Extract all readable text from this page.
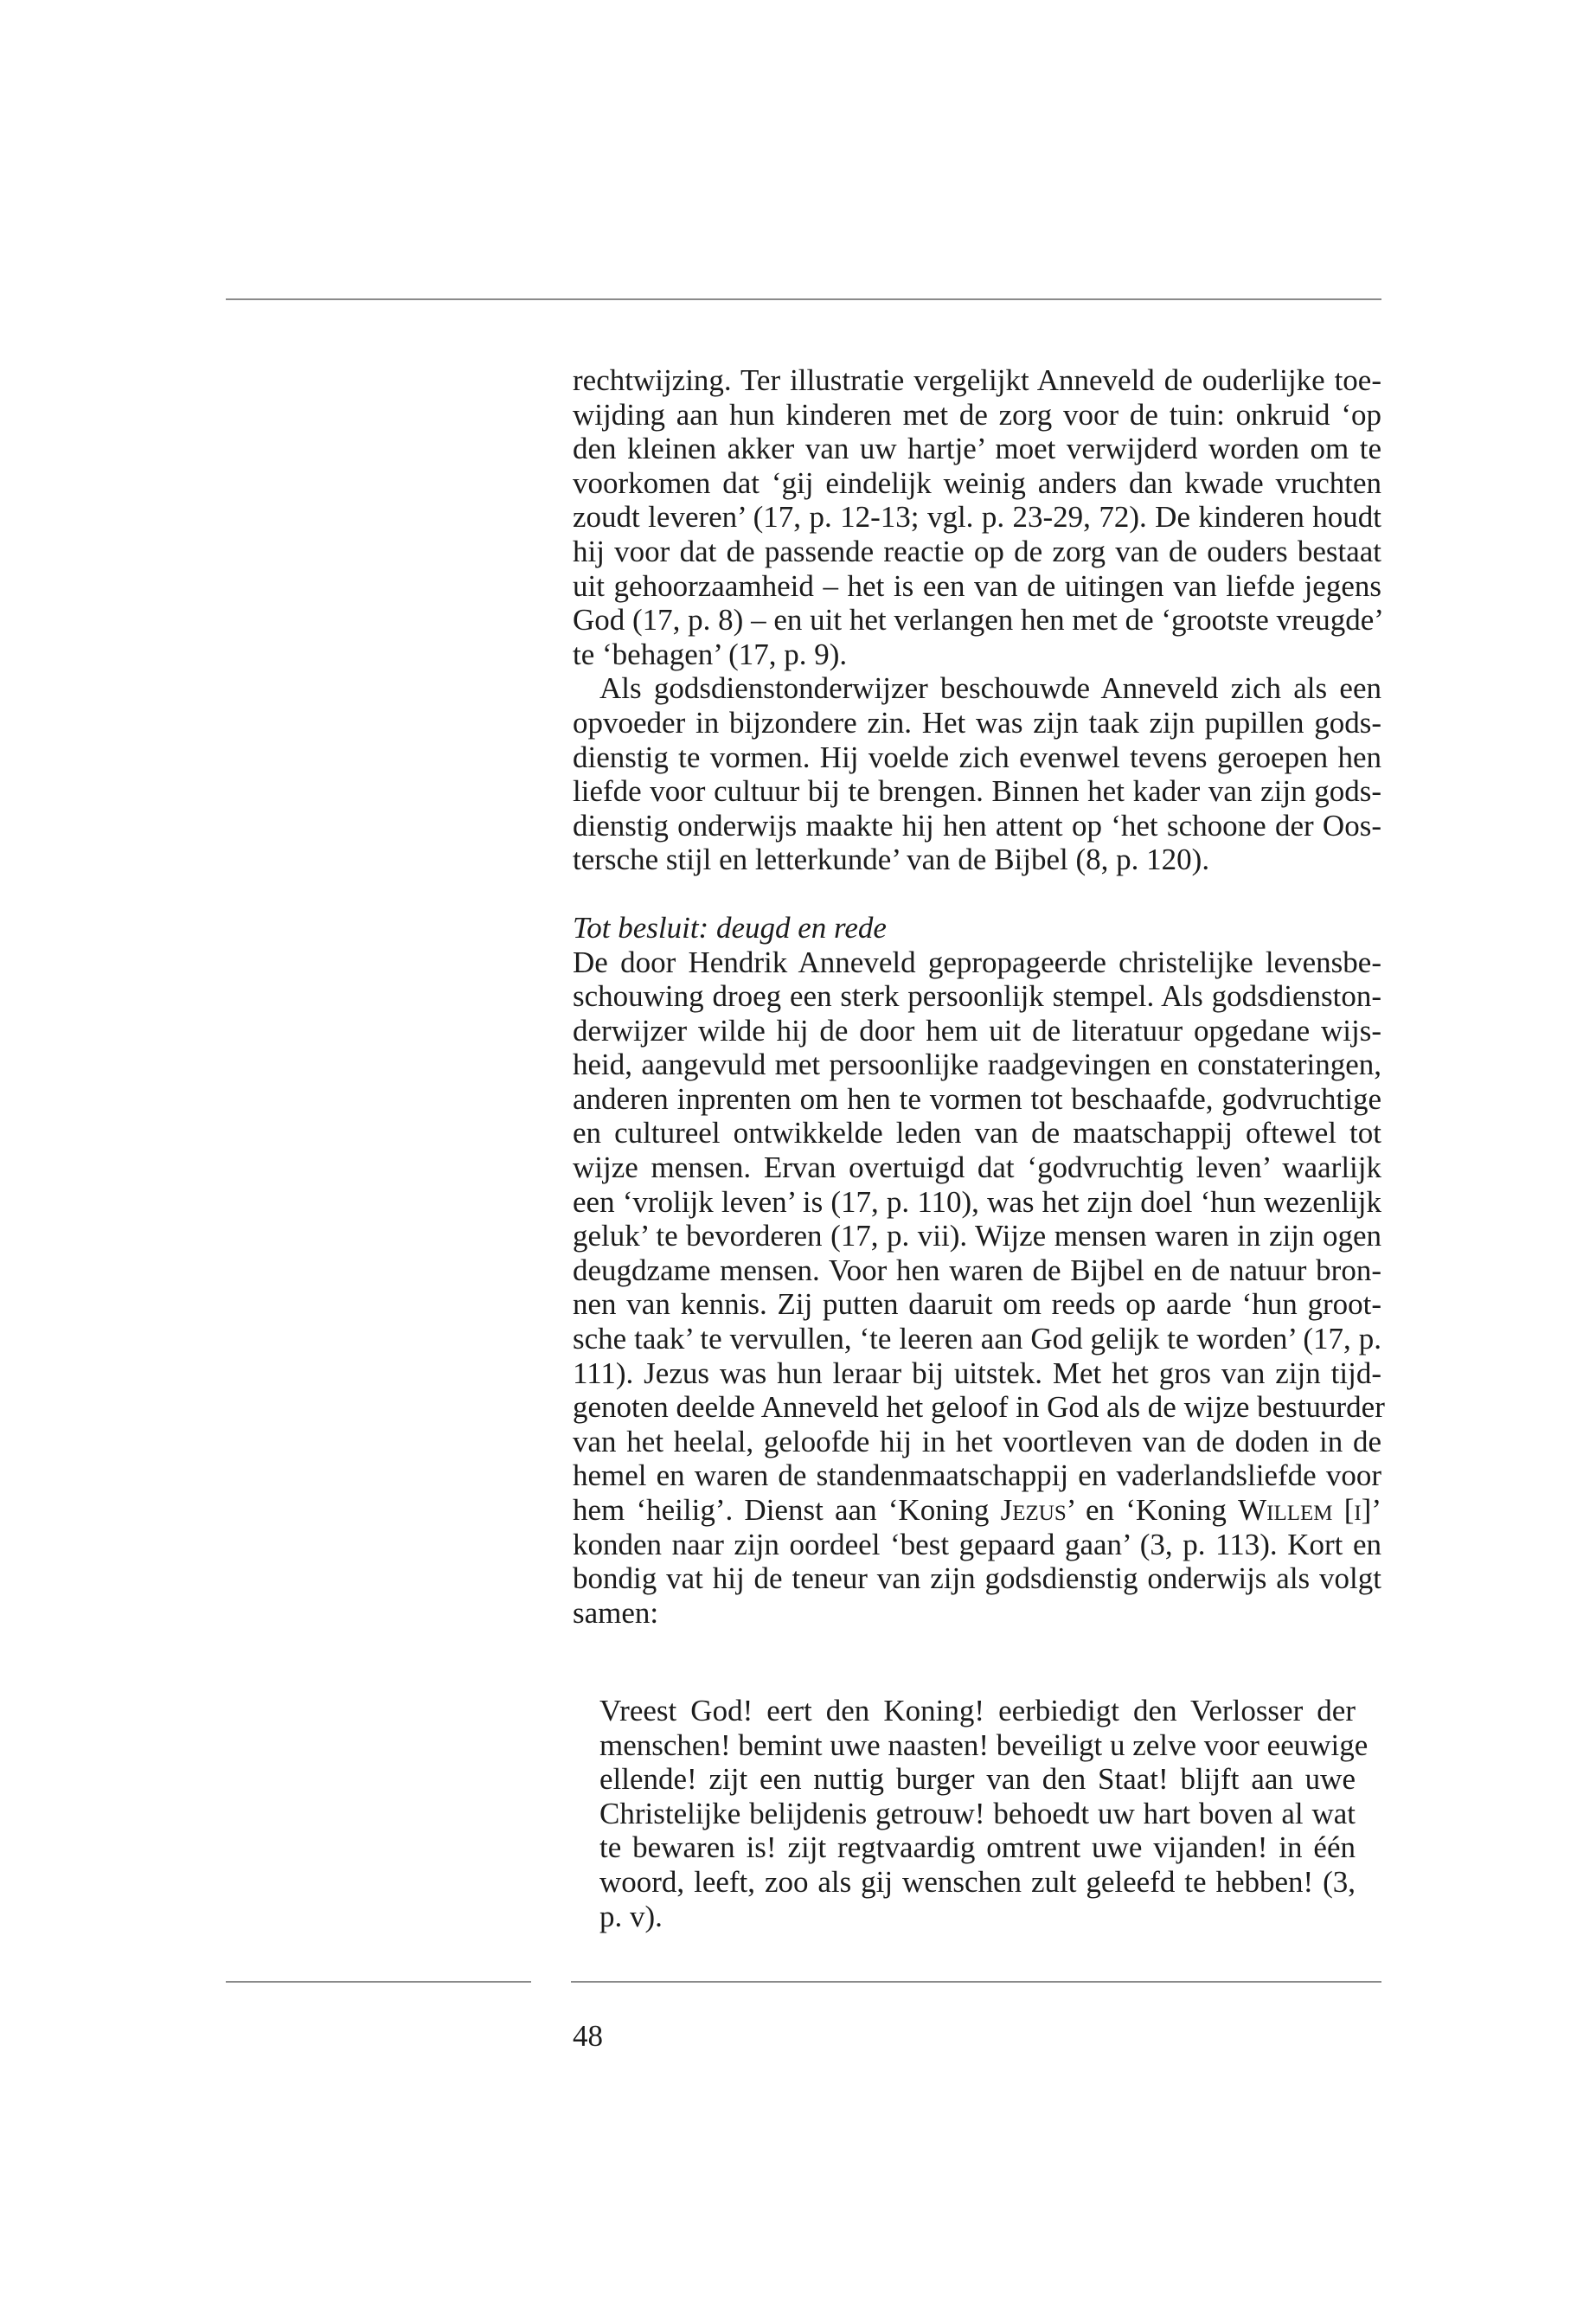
rechtwijzing. Ter illustratie vergelijkt Anneveld de ouderlijke toe-
wijding aan hun kinderen met de zorg voor de tuin: onkruid ‘op
den kleinen akker van uw hartje’ moet verwijderd worden om te
voorkomen dat ‘gij eindelijk weinig anders dan kwade vruchten
zoudt leveren’ (17, p. 12-13; vgl. p. 23-29, 72). De kinderen houdt
hij voor dat de passende reactie op de zorg van de ouders bestaat
uit gehoorzaamheid – het is een van de uitingen van liefde jegens
God (17, p. 8) – en uit het verlangen hen met de ‘grootste vreugde’
te ‘behagen’ (17, p. 9).
Als godsdienstonderwijzer beschouwde Anneveld zich als een
opvoeder in bijzondere zin. Het was zijn taak zijn pupillen gods-
dienstig te vormen. Hij voelde zich evenwel tevens geroepen hen
liefde voor cultuur bij te brengen. Binnen het kader van zijn gods-
dienstig onderwijs maakte hij hen attent op ‘het schoone der Oos-
tersche stijl en letterkunde’ van de Bijbel (8, p. 120).
Tot besluit: deugd en rede
De door Hendrik Anneveld gepropageerde christelijke levensbe-
schouwing droeg een sterk persoonlijk stempel. Als godsdienston-
derwijzer wilde hij de door hem uit de literatuur opgedane wijs-
heid, aangevuld met persoonlijke raadgevingen en constateringen,
anderen inprenten om hen te vormen tot beschaafde, godvruchtige
en cultureel ontwikkelde leden van de maatschappij oftewel tot
wijze mensen. Ervan overtuigd dat ‘godvruchtig leven’ waarlijk
een ‘vrolijk leven’ is (17, p. 110), was het zijn doel ‘hun wezenlijk
geluk’ te bevorderen (17, p. vii). Wijze mensen waren in zijn ogen
deugdzame mensen. Voor hen waren de Bijbel en de natuur bron-
nen van kennis. Zij putten daaruit om reeds op aarde ‘hun groot-
sche taak’ te vervullen, ‘te leeren aan God gelijk te worden’ (17, p.
111). Jezus was hun leraar bij uitstek. Met het gros van zijn tijd-
genoten deelde Anneveld het geloof in God als de wijze bestuurder
van het heelal, geloofde hij in het voortleven van de doden in de
hemel en waren de standenmaatschappij en vaderlandsliefde voor
hem ‘heilig’. Dienst aan ‘Koning Jezus’ en ‘Koning Willem [i]’
konden naar zijn oordeel ‘best gepaard gaan’ (3, p. 113). Kort en
bondig vat hij de teneur van zijn godsdienstig onderwijs als volgt
samen:
Vreest God! eert den Koning! eerbiedigt den Verlosser der
menschen! bemint uwe naasten! beveiligt u zelve voor eeuwige
ellende! zijt een nuttig burger van den Staat! blijft aan uwe
Christelijke belijdenis getrouw! behoedt uw hart boven al wat
te bewaren is! zijt regtvaardig omtrent uwe vijanden! in één
woord, leeft, zoo als gij wenschen zult geleefd te hebben! (3,
p. v).
48
